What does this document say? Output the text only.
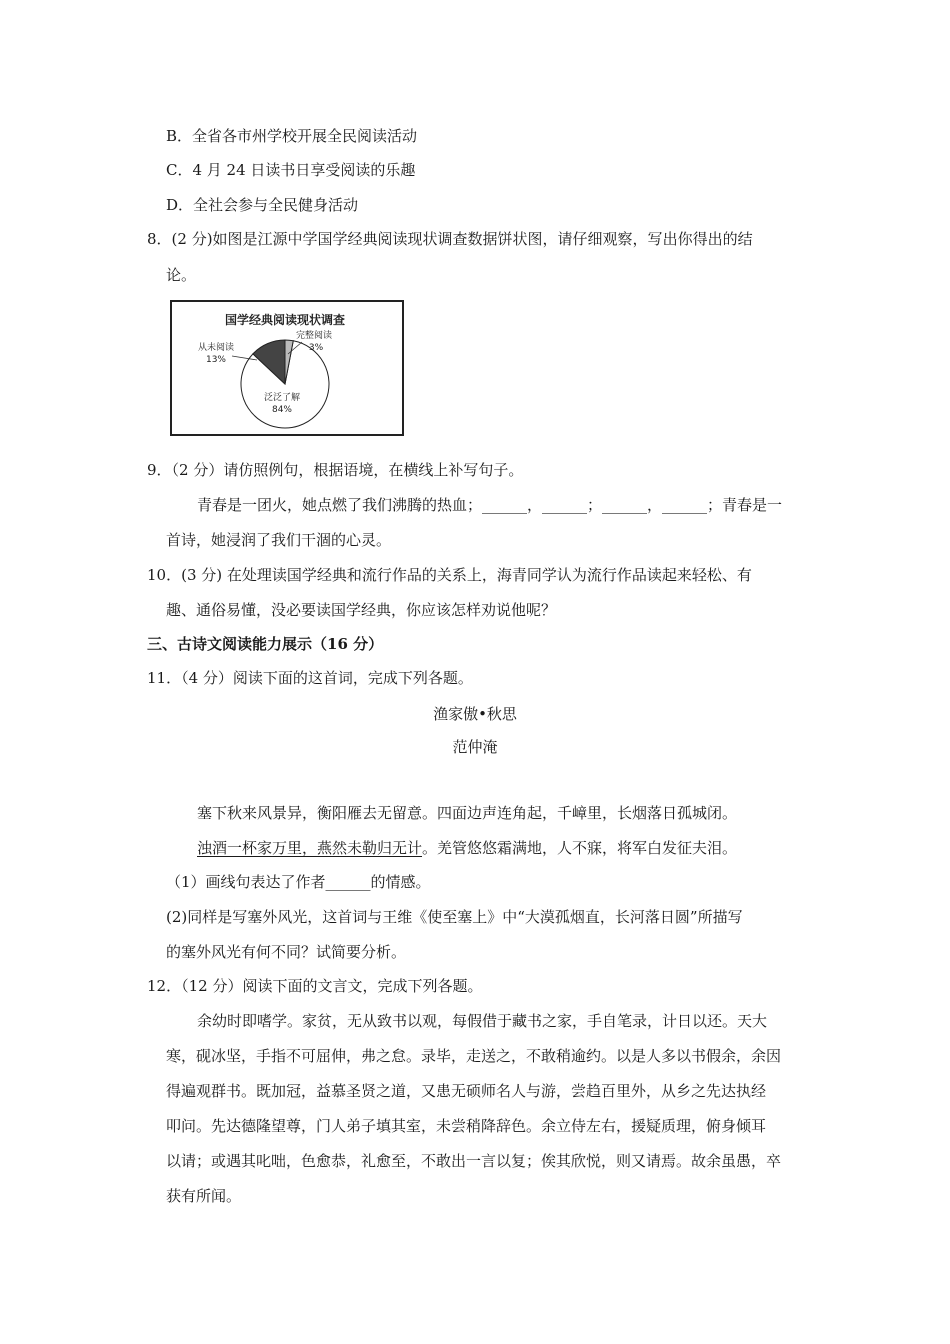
B．全省各市州学校开展全民阅读活动
C．4 月 24 日读书日享受阅读的乐趣
D．全社会参与全民健身活动
8．(2 分)如图是江源中学国学经典阅读现状调查数据饼状图，请仔细观察，写出你得出的结
论。
国学经典阅读现状调查
从未阅读
13%
完整阅读
3%
泛泛了解
84%
9．（2 分）请仿照例句，根据语境，在横线上补写句子。
青春是一团火，她点燃了我们沸腾的热血；______，______；______，______；青春是一
首诗，她浸润了我们干涸的心灵。
10．(3 分) 在处理读国学经典和流行作品的关系上，海青同学认为流行作品读起来轻松、有
趣、通俗易懂，没必要读国学经典，你应该怎样劝说他呢？
三、古诗文阅读能力展示（16 分）
11．（4 分）阅读下面的这首词，完成下列各题。
渔家傲•秋思
范仲淹
塞下秋来风景异，衡阳雁去无留意。四面边声连角起，千嶂里，长烟落日孤城闭。
浊酒一杯家万里，燕然未勒归无计。羌管悠悠霜满地，人不寐，将军白发征夫泪。
（1）画线句表达了作者______的情感。
(2)同样是写塞外风光，这首词与王维《使至塞上》中“大漠孤烟直，长河落日圆”所描写
的塞外风光有何不同？试简要分析。
12．（12 分）阅读下面的文言文，完成下列各题。
余幼时即嗜学。家贫，无从致书以观，每假借于藏书之家，手自笔录，计日以还。天大
寒，砚冰坚，手指不可屈伸，弗之怠。录毕，走送之，不敢稍逾约。以是人多以书假余，余因
得遍观群书。既加冠，益慕圣贤之道，又患无硕师名人与游，尝趋百里外，从乡之先达执经
叩问。先达德隆望尊，门人弟子填其室，未尝稍降辞色。余立侍左右，援疑质理，俯身倾耳
以请；或遇其叱咄，色愈恭，礼愈至，不敢出一言以复；俟其欣悦，则又请焉。故余虽愚，卒
获有所闻。
